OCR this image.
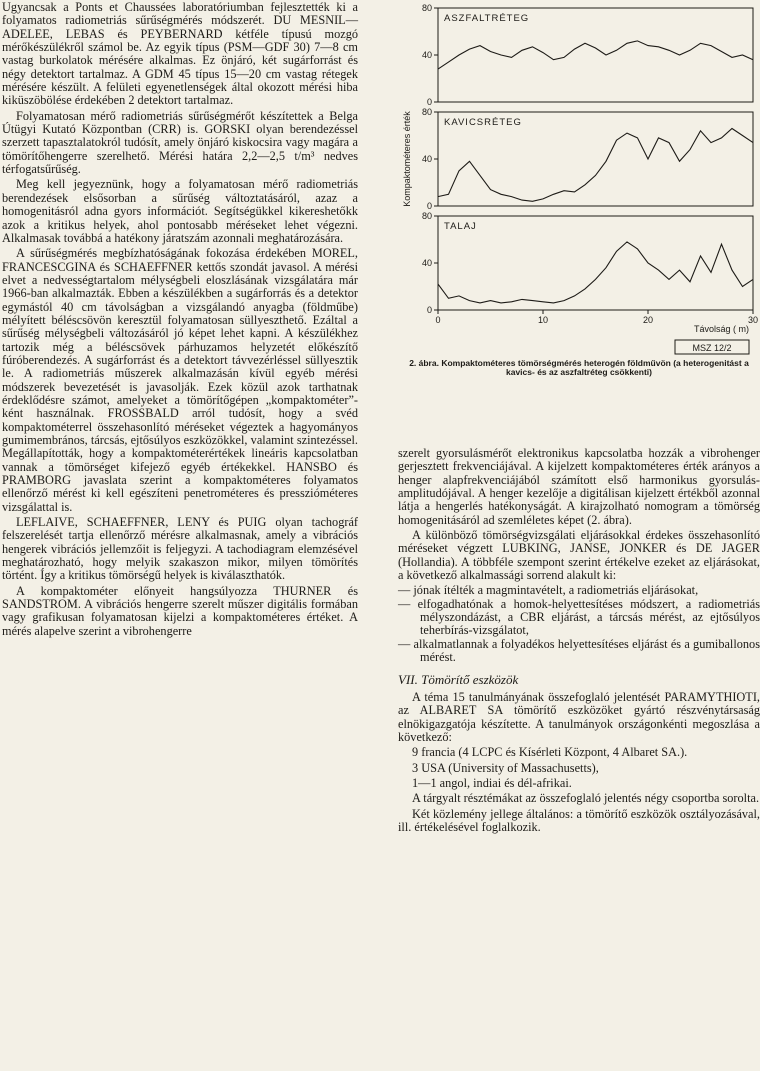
Ugyancsak a Ponts et Chaussées laboratóriumban fejlesztették ki a folyamatos radiometriás sűrűségmérés módszerét. DU MESNIL—ADELEE, LEBAS és PEYBERNARD kétféle típusú mozgó mérőkészülékről számol be. Az egyik típus (PSM—GDF 30) 7—8 cm vastag burkolatok mérésére alkalmas. Ez önjáró, két sugárforrást és négy detektort tartalmaz. A GDM 45 típus 15—20 cm vastag rétegek mérésére készült. A felületi egyenetlenségek által okozott mérési hiba kiküszöbölése érdekében 2 detektort tartalmaz.

Folyamatosan mérő radiometriás sűrűségmérőt készítettek a Belga Útügyi Kutató Központban (CRR) is. GORSKI olyan berendezéssel szerzett tapasztalatokról tudósít, amely önjáró kiskocsira vagy magára a tömörítőhengerre szerelhető. Mérési határa 2,2—2,5 t/m³ nedves térfogatsűrűség.

Meg kell jegyeznünk, hogy a folyamatosan mérő radiometriás berendezések elsősorban a sűrűség változtatásáról, azaz a homogenitásról adna gyors információt. Segítségükkel kikereshetőkk azok a kritikus helyek, ahol pontosabb méréseket lehet végezni. Alkalmasak továbbá a hatékony járatszám azonnali meghatározására.

A sűrűségmérés megbízhatóságának fokozása érdekében MOREL, FRANCESCGINA és SCHAEFFNER kettős szondát javasol. A mérési elvet a nedvességtartalom mélységbeli eloszlásának vizsgálatára már 1966-ban alkalmazták. Ebben a készülékben a sugárforrás és a detektor egymástól 40 cm távolságban a vizsgálandó anyagba (földműbe) mélyített béléscsövön keresztül folyamatosan süllyeszthető. Ezáltal a sűrűség mélységbeli változásáról jó képet lehet kapni. A készülékhez tartozik még a béléscsövek párhuzamos helyzetét előkészítő fúróberendezés. A sugárforrást és a detektort távvezérléssel süllyesztik le. A radiometriás műszerek alkalmazásán kívül egyéb mérési módszerek bevezetését is javasolják. Ezek közül azok tarthatnak érdeklődésre számot, amelyeket a tömörítőgépen „kompaktométer”-ként használnak. FROSSBALD arról tudósít, hogy a svéd kompaktométerrel összehasonlító méréseket végeztek a hagyományos gumimembrános, tárcsás, ejtősúlyos eszközökkel, valamint szintezéssel. Megállapították, hogy a kompaktométerértékek lineáris kapcsolatban vannak a tömörséget kifejező egyéb értékekkel. HANSBO és PRAMBORG javaslata szerint a kompaktométeres folyamatos ellenőrző mérést ki kell egészíteni penetrométeres és presszióméteres vizsgálattal is.

LEFLAIVE, SCHAEFFNER, LENY és PUIG olyan tachográf felszerelését tartja ellenőrző mérésre alkalmasnak, amely a vibrációs hengerek vibrációs jellemzőit is feljegyzi. A tachodiagram elemzésével meghatározható, hogy melyik szakaszon mikor, milyen tömörítés történt. Így a kritikus tömörségű helyek is kiválaszthatók.

A kompaktométer előnyeit hangsúlyozza THURNER és SANDSTROM. A vibrációs hengerre szerelt műszer digitális formában vagy grafikusan folyamatosan kijelzi a kompaktométeres értéket. A mérés alapelve szerint a vibrohengerre

ASZFALTRÉTEG
80
40
0
KAVICSRÉTEG
80
40
0
TALAJ
80
40
0
0	10	20	30
Távolság ( m)
Kompaktométeres érték
MSZ 12/2
2. ábra. Kompaktométeres tömörségmérés heterogén földművön (a heterogenitást a kavics- és az aszfaltréteg csökkenti)

szerelt gyorsulásmérőt elektronikus kapcsolatba hozzák a vibrohenger gerjesztett frekvenciájával. A kijelzett kompaktométeres érték arányos a henger alapfrekvenciájából számított első harmonikus gyorsulás-amplitudójával. A henger kezelője a digitálisan kijelzett értékből azonnal látja a hengerlés hatékonyságát. A kirajzolható nomogram a tömörség homogenitásáról ad szemléletes képet (2. ábra).

A különböző tömörségvizsgálati eljárásokkal érdekes összehasonlító méréseket végzett LUBKING, JANSE, JONKER és DE JAGER (Hollandia). A többféle szempont szerint értékelve ezeket az eljárásokat, a következő alkalmassági sorrend alakult ki:

— jónak ítélték a magmintavételt, a radiometriás eljárásokat,
— elfogadhatónak a homok-helyettesítéses módszert, a radiometriás mélyszondázást, a CBR eljárást, a tárcsás mérést, az ejtősúlyos teherbírás-vizsgálatot,
— alkalmatlannak a folyadékos helyettesítéses eljárást és a gumiballonos mérést.

VII. Tömörítő eszközök

A téma 15 tanulmányának összefoglaló jelentését PARAMYTHIOTI, az ALBARET SA tömörítő eszközöket gyártó részvénytársaság elnökigazgatója készítette. A tanulmányok országonkénti megoszlása a következő:

9 francia (4 LCPC és Kísérleti Központ, 4 Albaret SA.).

3 USA (University of Massachusetts),

1—1 angol, indiai és dél-afrikai.

A tárgyalt résztémákat az összefoglaló jelentés négy csoportba sorolta.

Két közlemény jellege általános: a tömörítő eszközök osztályozásával, ill. értékelésével foglalkozik.
